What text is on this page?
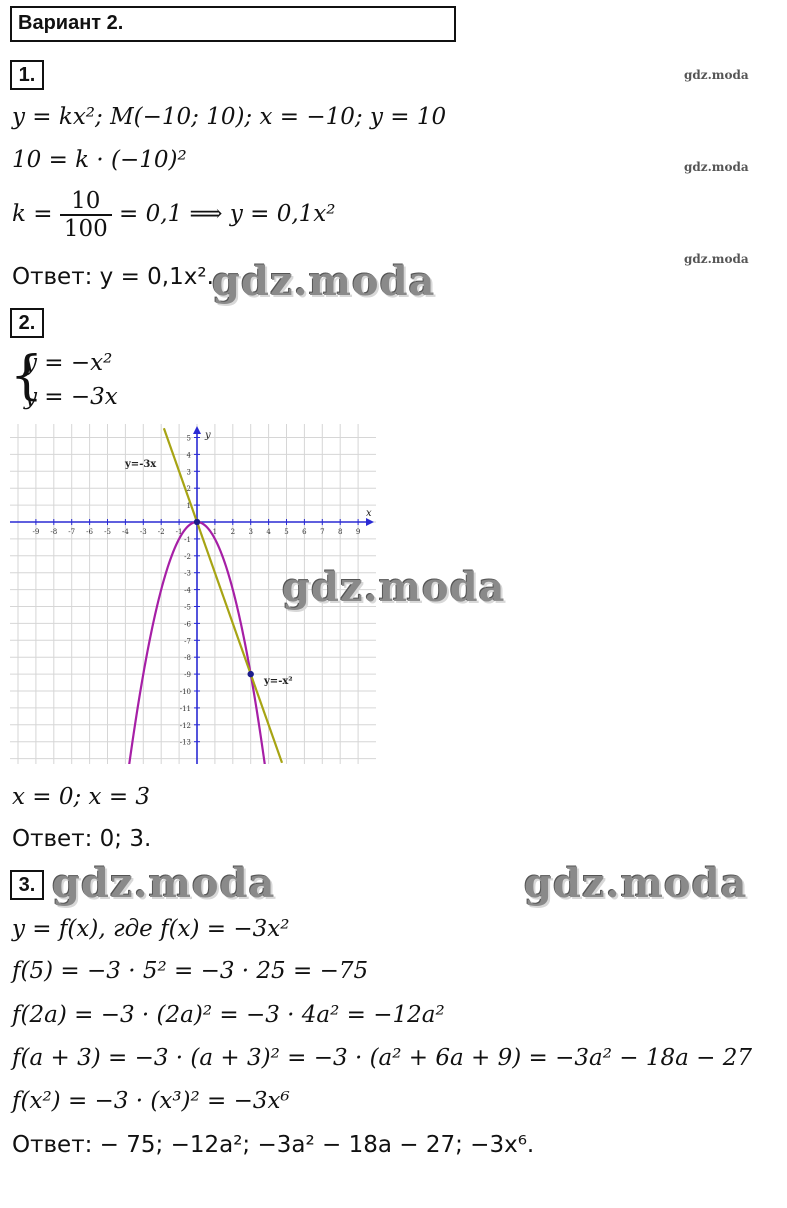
Вариант 2.
1.	gdz.moda
y = kx²; M(−10; 10); x = −10; y = 10
10 = k · (−10)²	gdz.moda
$k = \frac{10}{100} = 0,1$ ⟹ y = 0,1x²
gdz.moda
Ответ: y = 0,1x².
gdz.moda
2.
{
y = −x²
y = −3x
x
y
-9 -8 -7 -6 -5 -4 -3 -2 -1	1 2 3 4 5 6 7 8 9
5
4
3
2
1
-1
-2
-3
-4
-5
-6
-7
-8
-9
-10
-11
-12
-13
y=-3x
y=-x²
gdz.moda
x = 0; x = 3
Ответ: 0; 3.
3. gdz.moda	gdz.moda
y = f(x), где f(x) = −3x²
f(5) = −3 · 5² = −3 · 25 = −75
f(2a) = −3 · (2a)² = −3 · 4a² = −12a²
f(a + 3) = −3 · (a + 3)² = −3 · (a² + 6a + 9) = −3a² − 18a − 27
f(x²) = −3 · (x³)² = −3x⁶
Ответ: − 75; −12a²; −3a² − 18a − 27; −3x⁶.
